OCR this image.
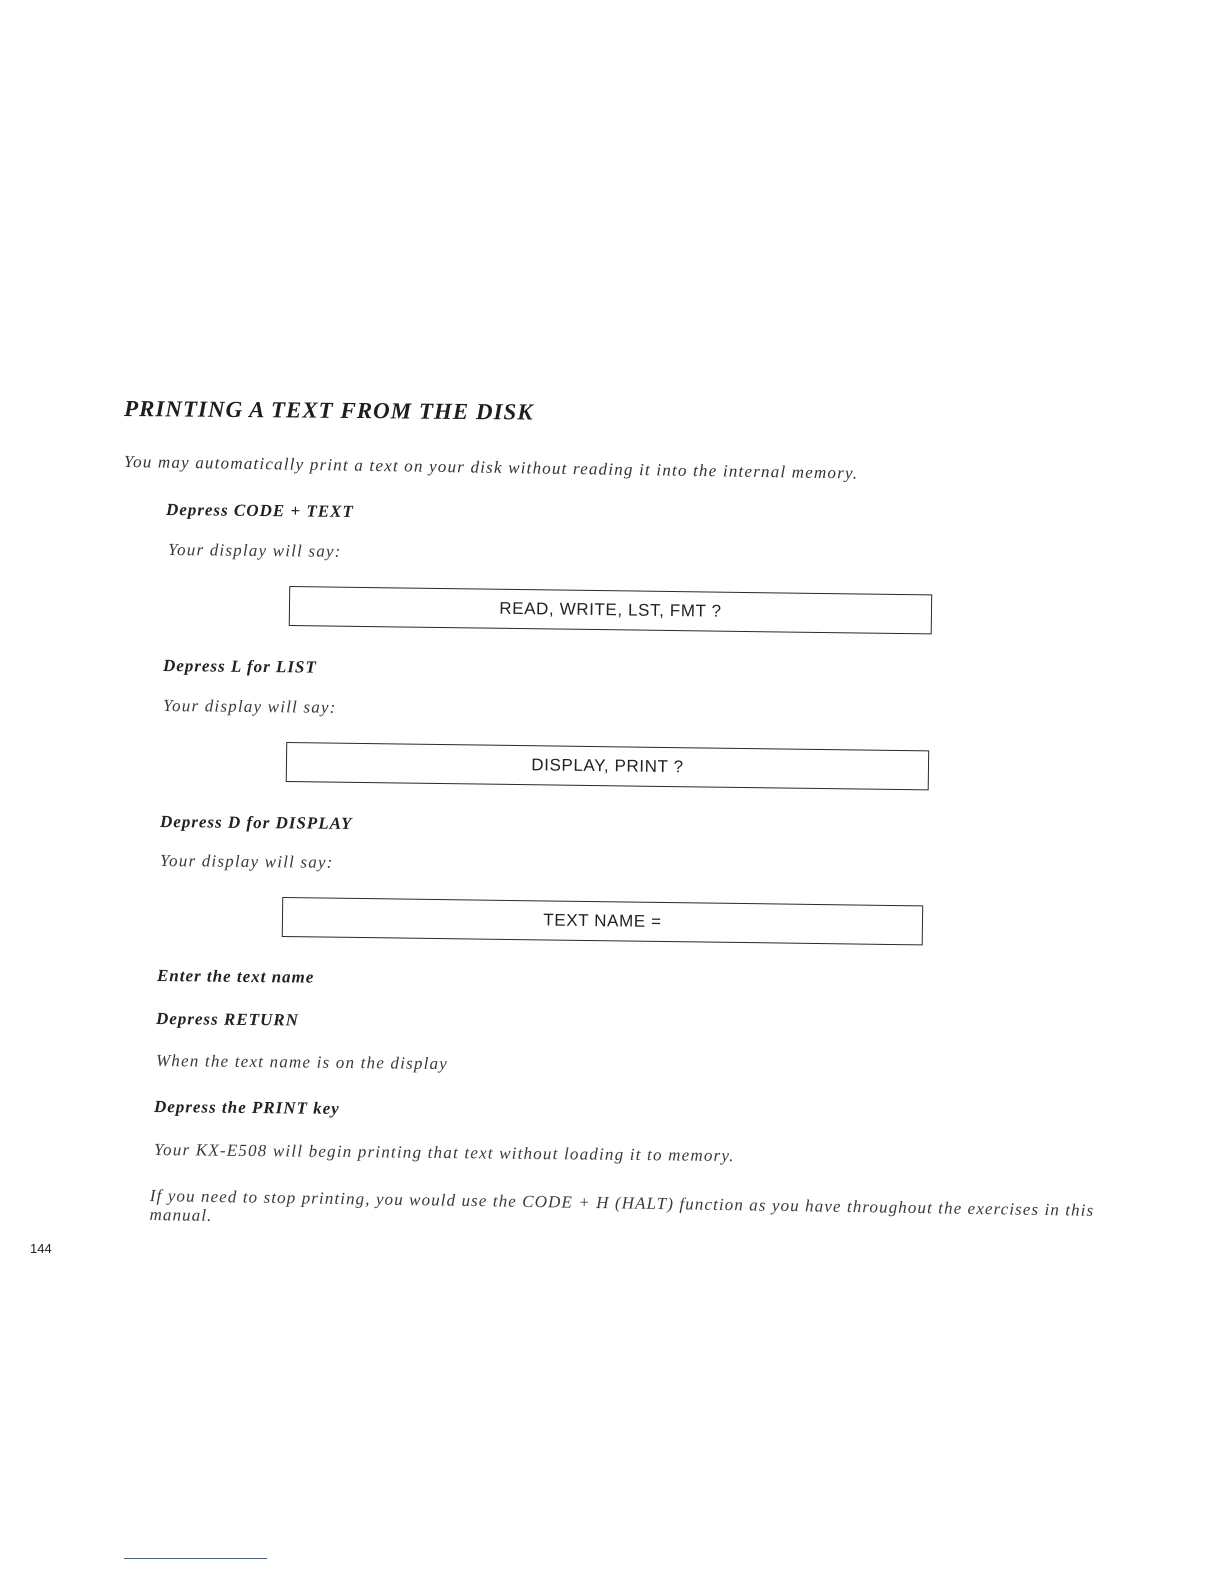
PRINTING A TEXT FROM THE DISK
You may automatically print a text on your disk without reading it into the internal memory.
Depress CODE + TEXT
Your display will say:
READ, WRITE, LST, FMT ?
Depress L for LIST
Your display will say:
DISPLAY, PRINT ?
Depress D for DISPLAY
Your display will say:
TEXT NAME =
Enter the text name
Depress RETURN
When the text name is on the display
Depress the PRINT key
Your KX-E508 will begin printing that text without loading it to memory.
If you need to stop printing, you would use the CODE + H (HALT) function as you have throughout the exercises in this manual.
144
